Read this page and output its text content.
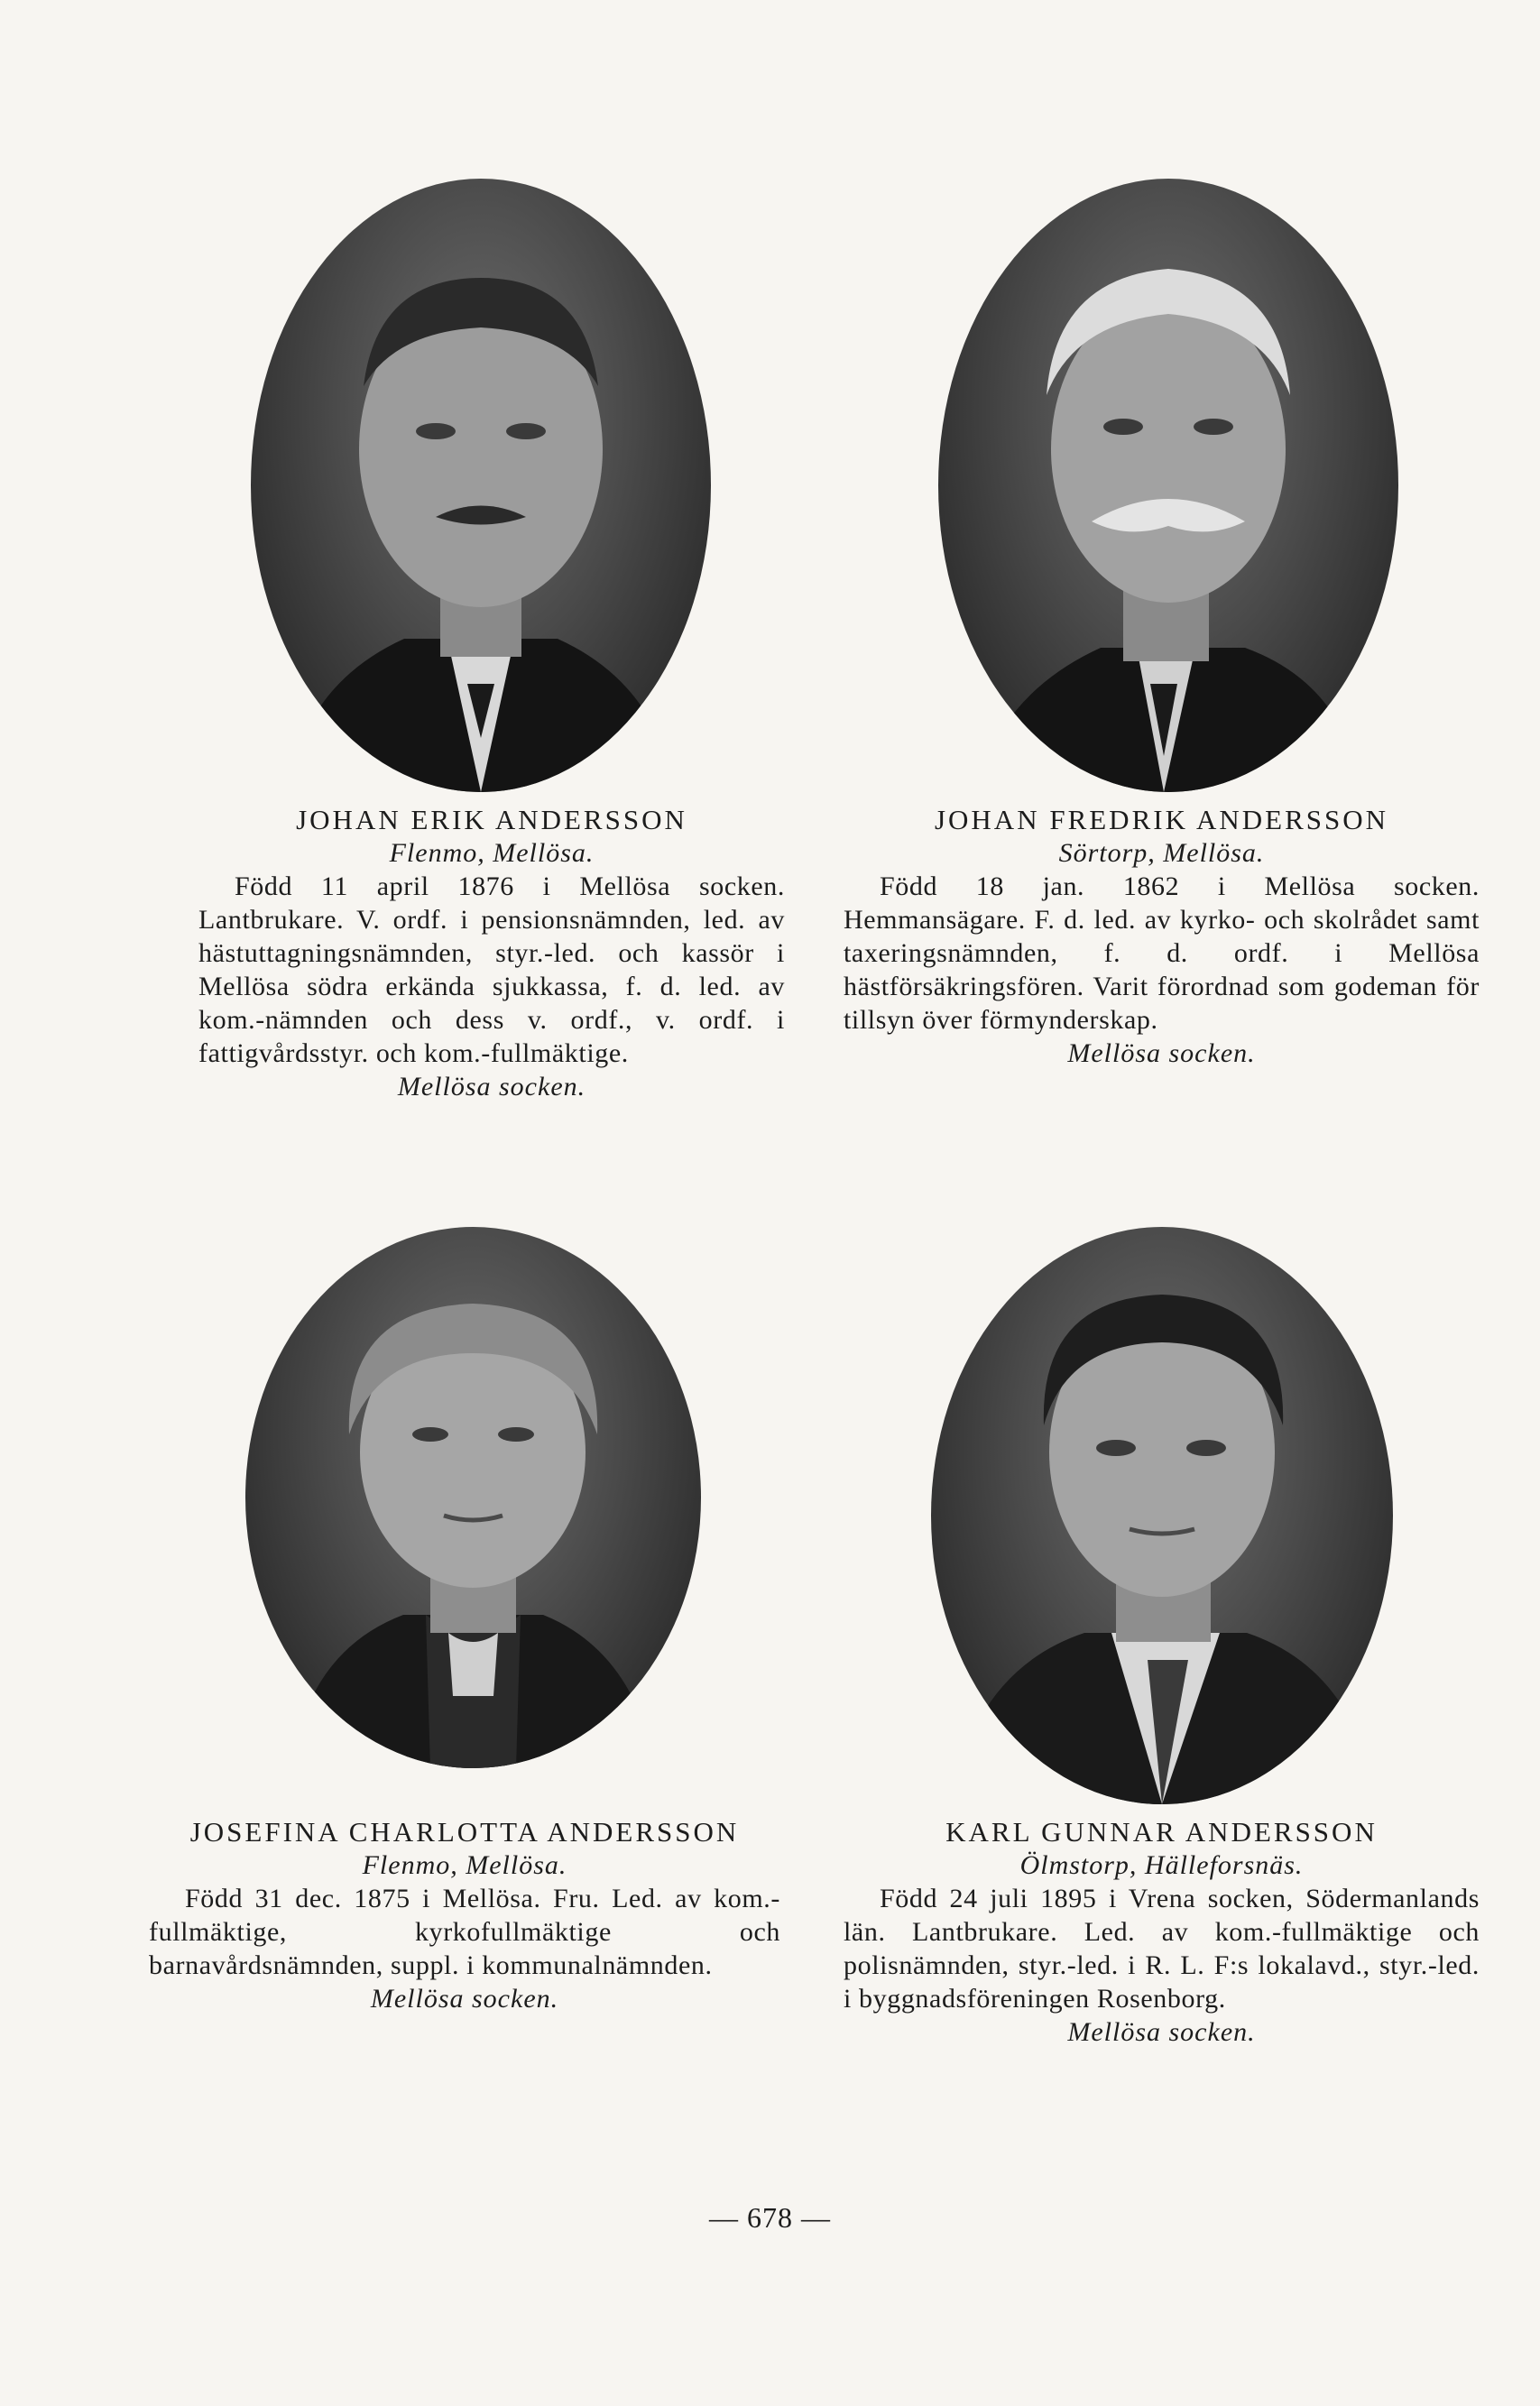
JOHAN ERIK ANDERSSON
Flenmo, Mellösa.

Född 11 april 1876 i Mellösa socken. Lantbrukare. V. ordf. i pensionsnämnden, led. av hästuttagningsnämnden, styr.-led. och kassör i Mellösa södra erkända sjukkassa, f. d. led. av kom.-nämnden och dess v. ordf., v. ordf. i fattigvårdsstyr. och kom.-fullmäktige.

Mellösa socken.
JOHAN FREDRIK ANDERSSON
Sörtorp, Mellösa.

Född 18 jan. 1862 i Mellösa socken. Hemmansägare. F. d. led. av kyrko- och skolrådet samt taxeringsnämnden, f. d. ordf. i Mellösa hästförsäkringsfören. Varit förordnad som godeman för tillsyn över förmynderskap.

Mellösa socken.
JOSEFINA CHARLOTTA ANDERSSON
Flenmo, Mellösa.

Född 31 dec. 1875 i Mellösa. Fru. Led. av kom.-fullmäktige, kyrkofullmäktige och barnavårdsnämnden, suppl. i kommunalnämnden.

Mellösa socken.
KARL GUNNAR ANDERSSON
Ölmstorp, Hälleforsnäs.

Född 24 juli 1895 i Vrena socken, Södermanlands län. Lantbrukare. Led. av kom.-fullmäktige och polisnämnden, styr.-led. i R. L. F:s lokalavd., styr.-led. i byggnadsföreningen Rosenborg.

Mellösa socken.
— 678 —
